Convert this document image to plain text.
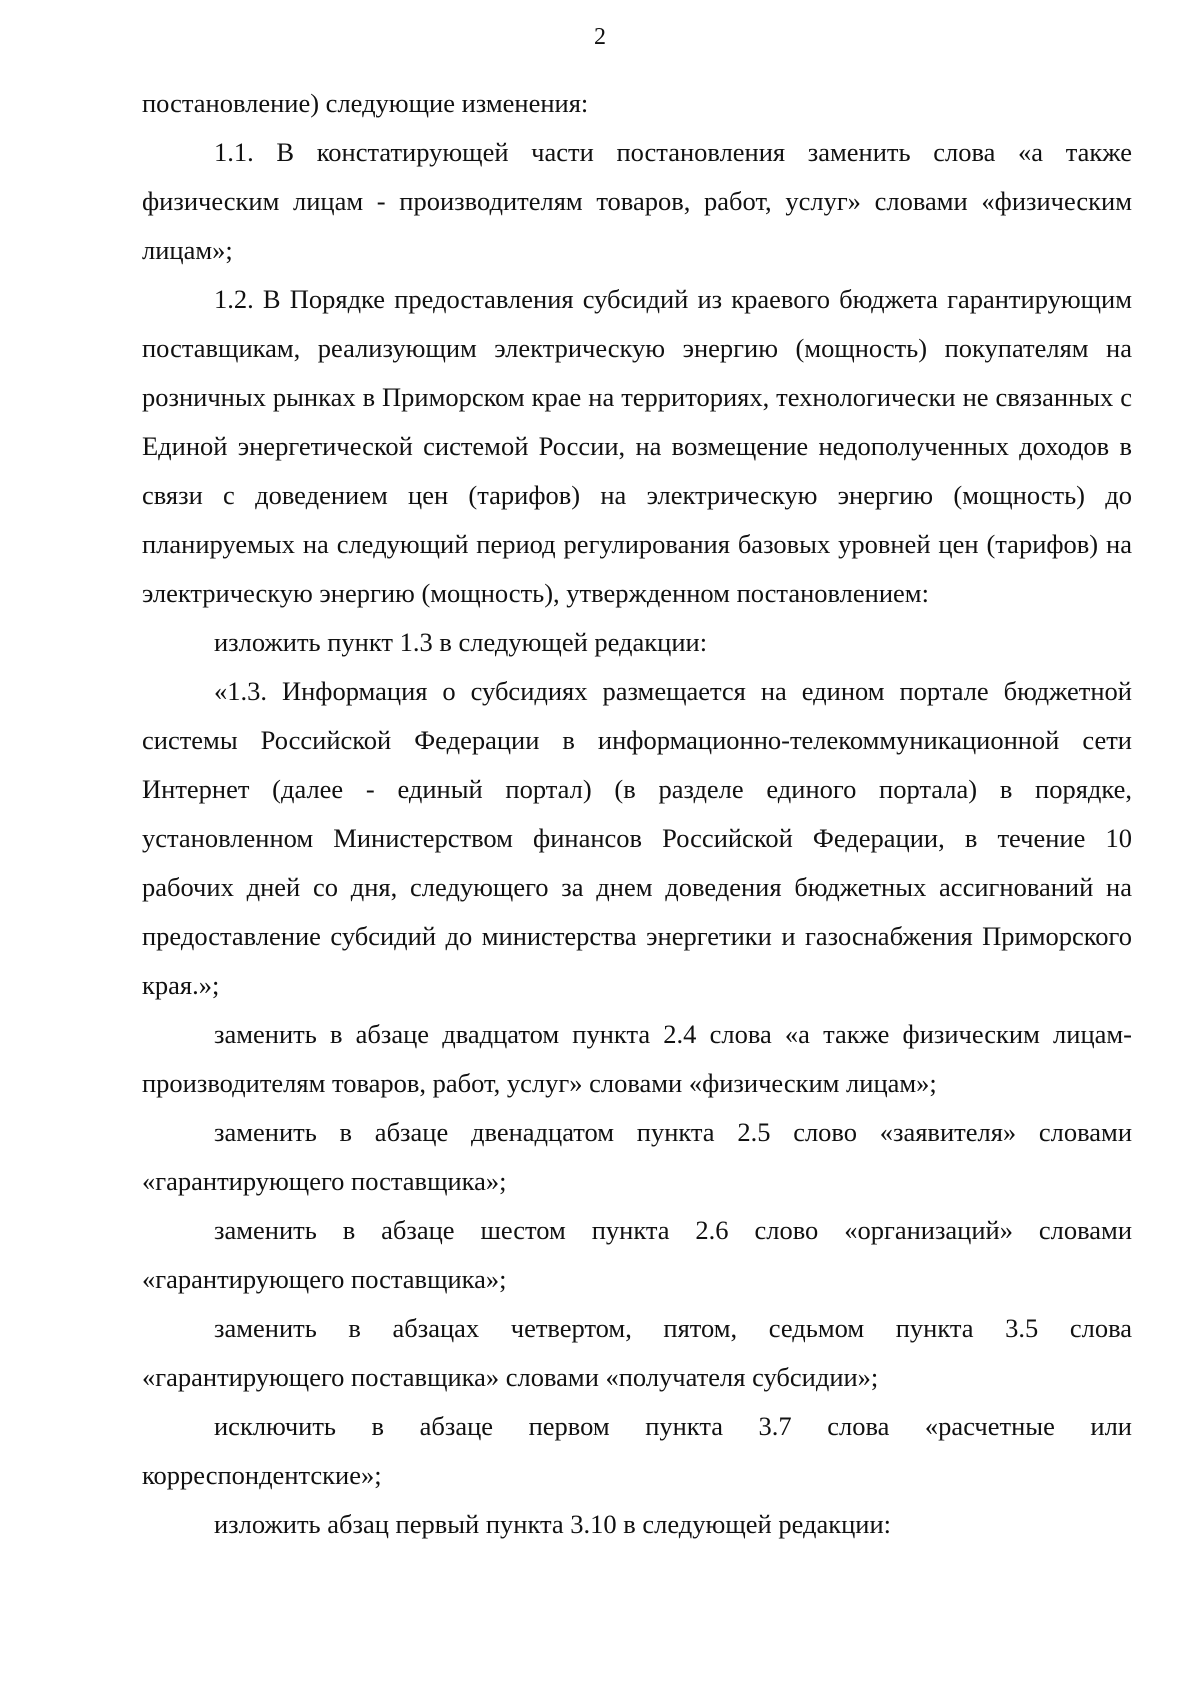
2

постановление) следующие изменения:

1.1. В констатирующей части постановления заменить слова «а также физическим лицам - производителям товаров, работ, услуг» словами «физическим лицам»;

1.2. В Порядке предоставления субсидий из краевого бюджета гарантирующим поставщикам, реализующим электрическую энергию (мощность) покупателям на розничных рынках в Приморском крае на территориях, технологически не связанных с Единой энергетической системой России, на возмещение недополученных доходов в связи с доведением цен (тарифов) на электрическую энергию (мощность) до планируемых на следующий период регулирования базовых уровней цен (тарифов) на электрическую энергию (мощность), утвержденном постановлением:

изложить пункт 1.3 в следующей редакции:

«1.3. Информация о субсидиях размещается на едином портале бюджетной системы Российской Федерации в информационно-телекоммуникационной сети Интернет (далее - единый портал) (в разделе единого портала) в порядке, установленном Министерством финансов Российской Федерации, в течение 10 рабочих дней со дня, следующего за днем доведения бюджетных ассигнований на предоставление субсидий до министерства энергетики и газоснабжения Приморского края.»;

заменить в абзаце двадцатом пункта 2.4 слова «а также физическим лицам-производителям товаров, работ, услуг» словами «физическим лицам»;

заменить в абзаце двенадцатом пункта 2.5 слово «заявителя» словами «гарантирующего поставщика»;

заменить в абзаце шестом пункта 2.6 слово «организаций» словами «гарантирующего поставщика»;

заменить в абзацах четвертом, пятом, седьмом пункта 3.5 слова «гарантирующего поставщика» словами «получателя субсидии»;

исключить в абзаце первом пункта 3.7 слова «расчетные или корреспондентские»;

изложить абзац первый пункта 3.10 в следующей редакции:
